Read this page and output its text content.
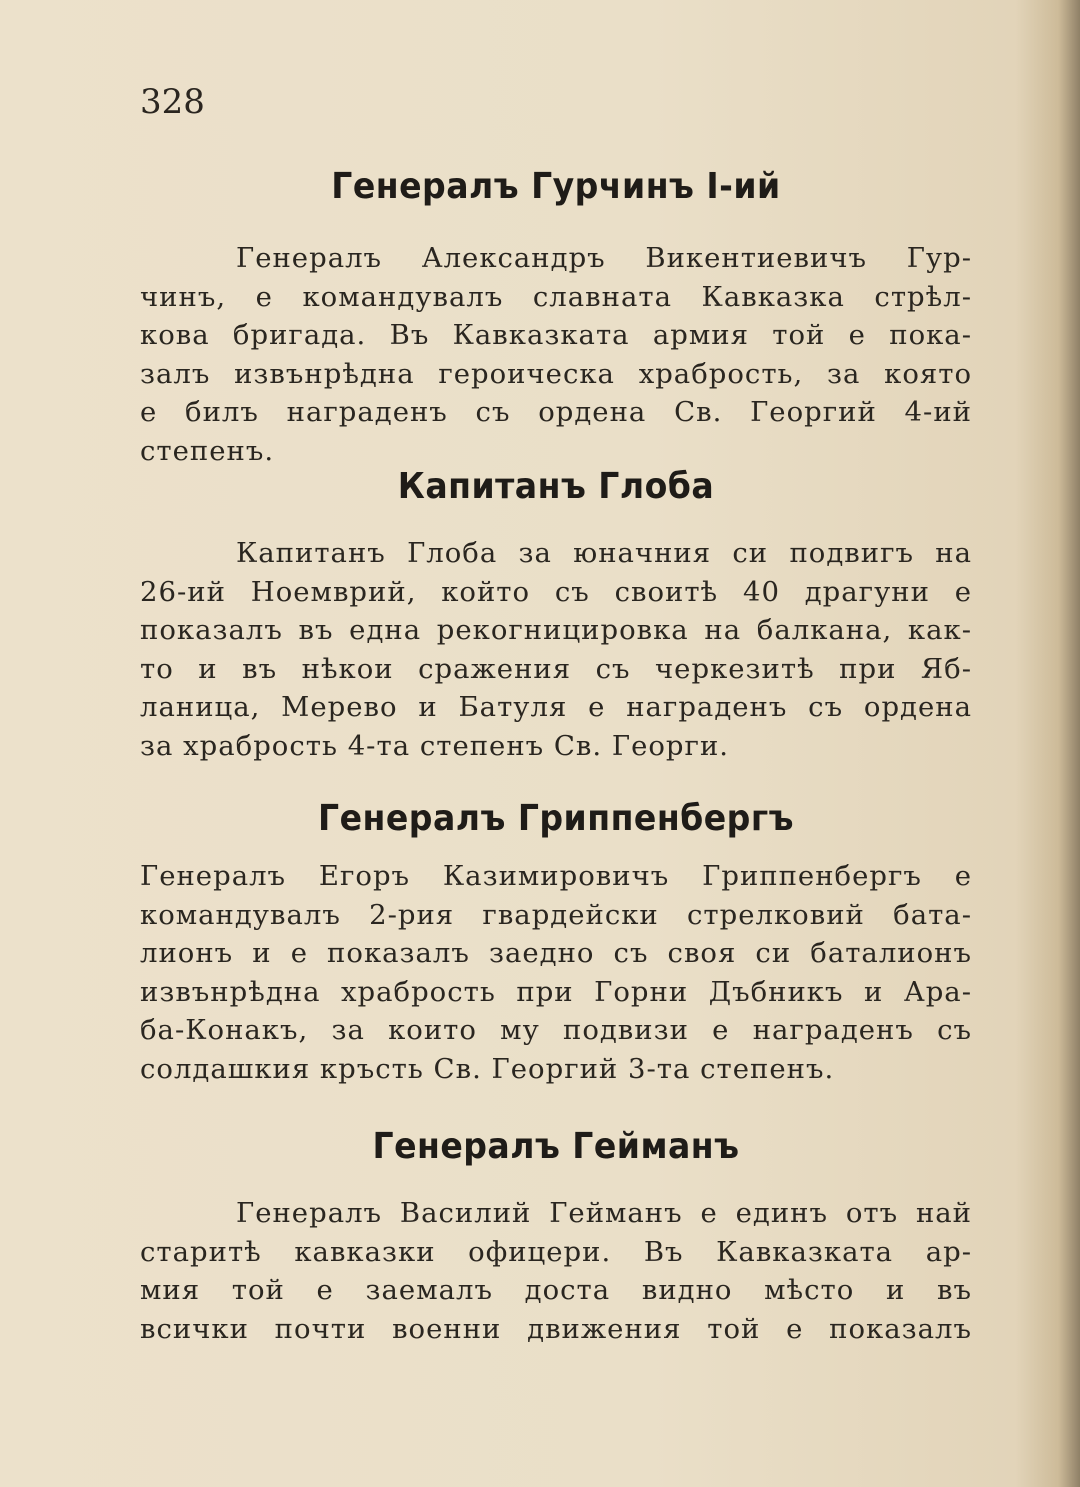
328
Генералъ Гурчинъ I-ий
Генералъ Александръ Викентиевичъ Гур-
чинъ, е командувалъ славната Кавказка стрѣл-
кова бригада. Въ Кавказката армия той е пока-
залъ извънрѣдна героическа храбрость, за която
е билъ награденъ съ ордена Св. Георгий 4-ий
степенъ.
Капитанъ Глоба
Капитанъ Глоба за юначния си подвигъ на
26-ий Ноемврий, който съ своитѣ 40 драгуни е
показалъ въ една рекогницировка на балкана, как-
то и въ нѣкои сражения съ черкезитѣ при Яб-
ланица, Мерево и Батуля е награденъ съ ордена
за храбрость 4-та степенъ Св. Георги.
Генералъ Гриппенбергъ
Генералъ Егоръ Казимировичъ Гриппенбергъ е
командувалъ 2-рия гвардейски стрелковий бата-
лионъ и е показалъ заедно съ своя си баталионъ
извънрѣдна храбрость при Горни Дъбникъ и Ара-
ба-Конакъ, за които му подвизи е награденъ съ
солдашкия кръсть Св. Георгий 3-та степенъ.
Генералъ Гейманъ
Генералъ Василий Гейманъ е единъ отъ най
старитѣ кавказки офицери. Въ Кавказката ар-
мия той е заемалъ доста видно мѣсто и въ
всички почти военни движения той е показалъ
